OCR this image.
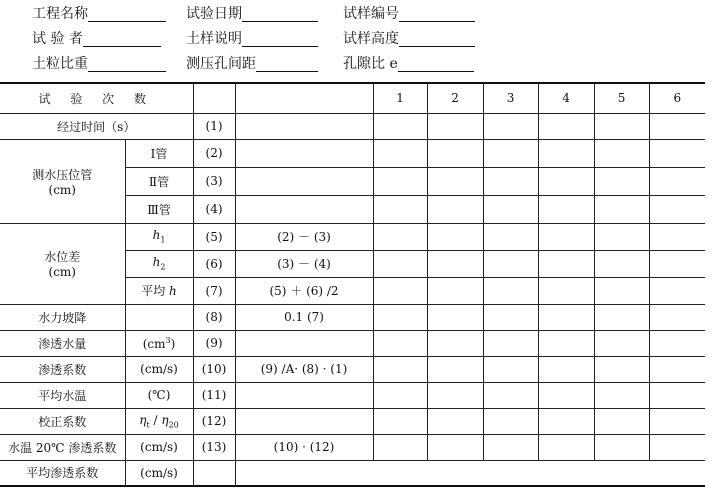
工程名称	试验日期	试样编号
试 验 者	土样说明	试样高度
土粒比重	测压孔间距	孔隙比 e
试 验 次 数				1	2	3	4	5	6
经过时间（s）		(1)							

测水压位管
(cm)	Ⅰ管	(2)							
	Ⅱ管	(3)							
	Ⅲ管	(4)							

水位差
(cm)	$h_1$	(5)	(2) － (3)						
	$h_2$	(6)	(3) － (4)						
	平均 h	(7)	(5) ＋ (6) ∕2						
水力坡降		(8)	0.1 (7)						
渗透水量	$(cm^3)$	(9)							
渗透系数	(cm∕s)	(10)	(9) ∕A· (8) · (1)						
平均水温	(℃)	(11)							
校正系数	$\eta_t$ ∕ $\eta_{20}$	(12)							
水温 20℃ 渗透系数	(cm∕s)	(13)	(10) · (12)						
平均渗透系数	(cm∕s)								
